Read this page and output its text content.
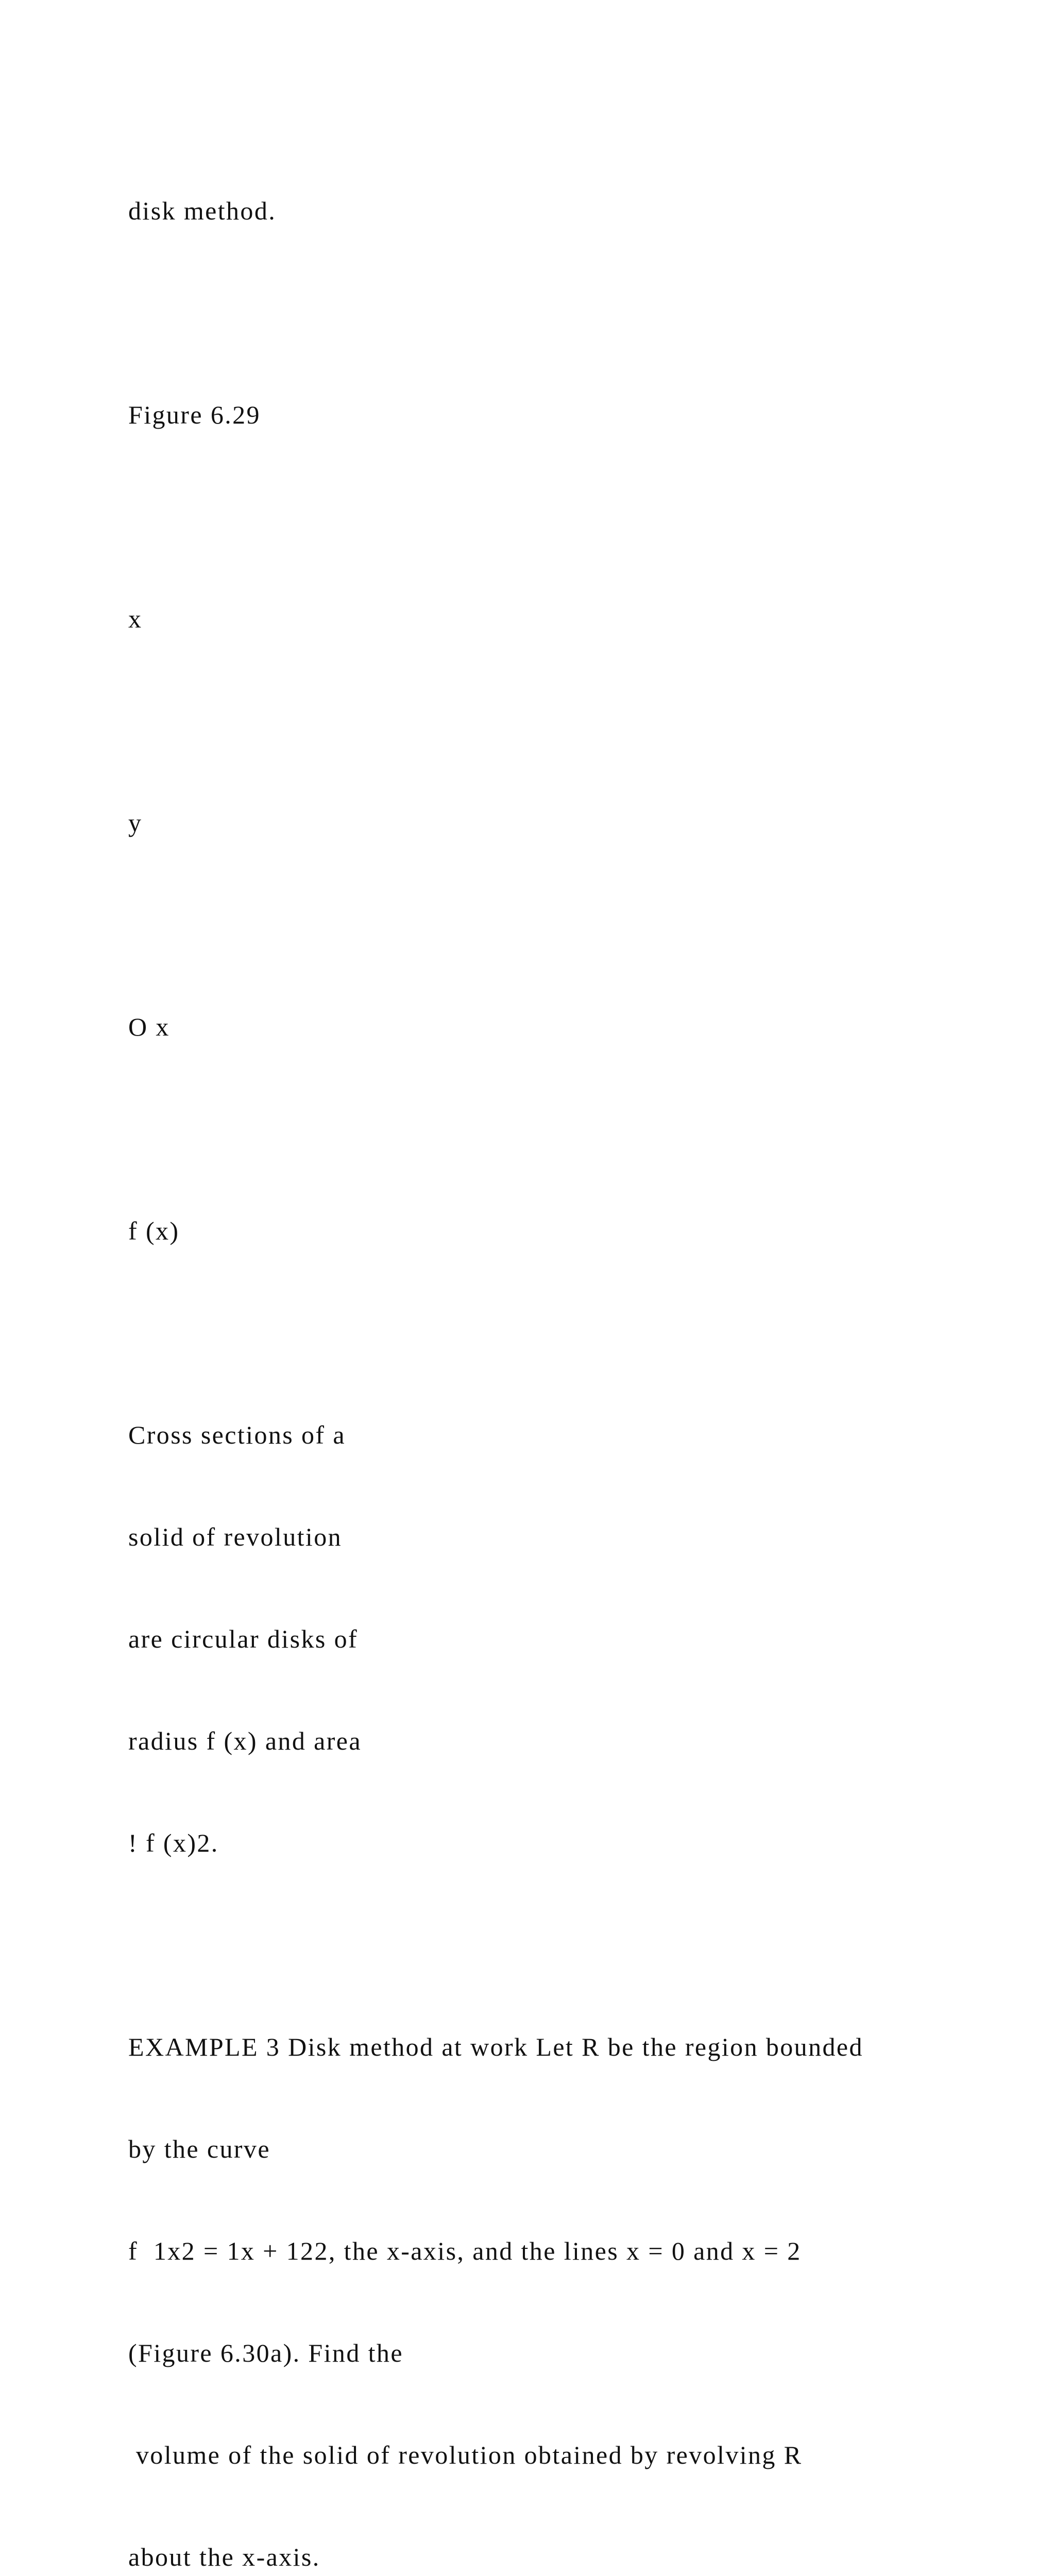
disk method.

Figure 6.29

x

y

O x

f (x)

Cross sections of a

solid of revolution

are circular disks of

radius f (x) and area

! f (x)2.

EXAMPLE 3 Disk method at work Let R be the region bounded

by the curve

f  1x2 = 1x + 122, the x-axis, and the lines x = 0 and x = 2

(Figure 6.30a). Find the

volume of the solid of revolution obtained by revolving R

about the x-axis.
